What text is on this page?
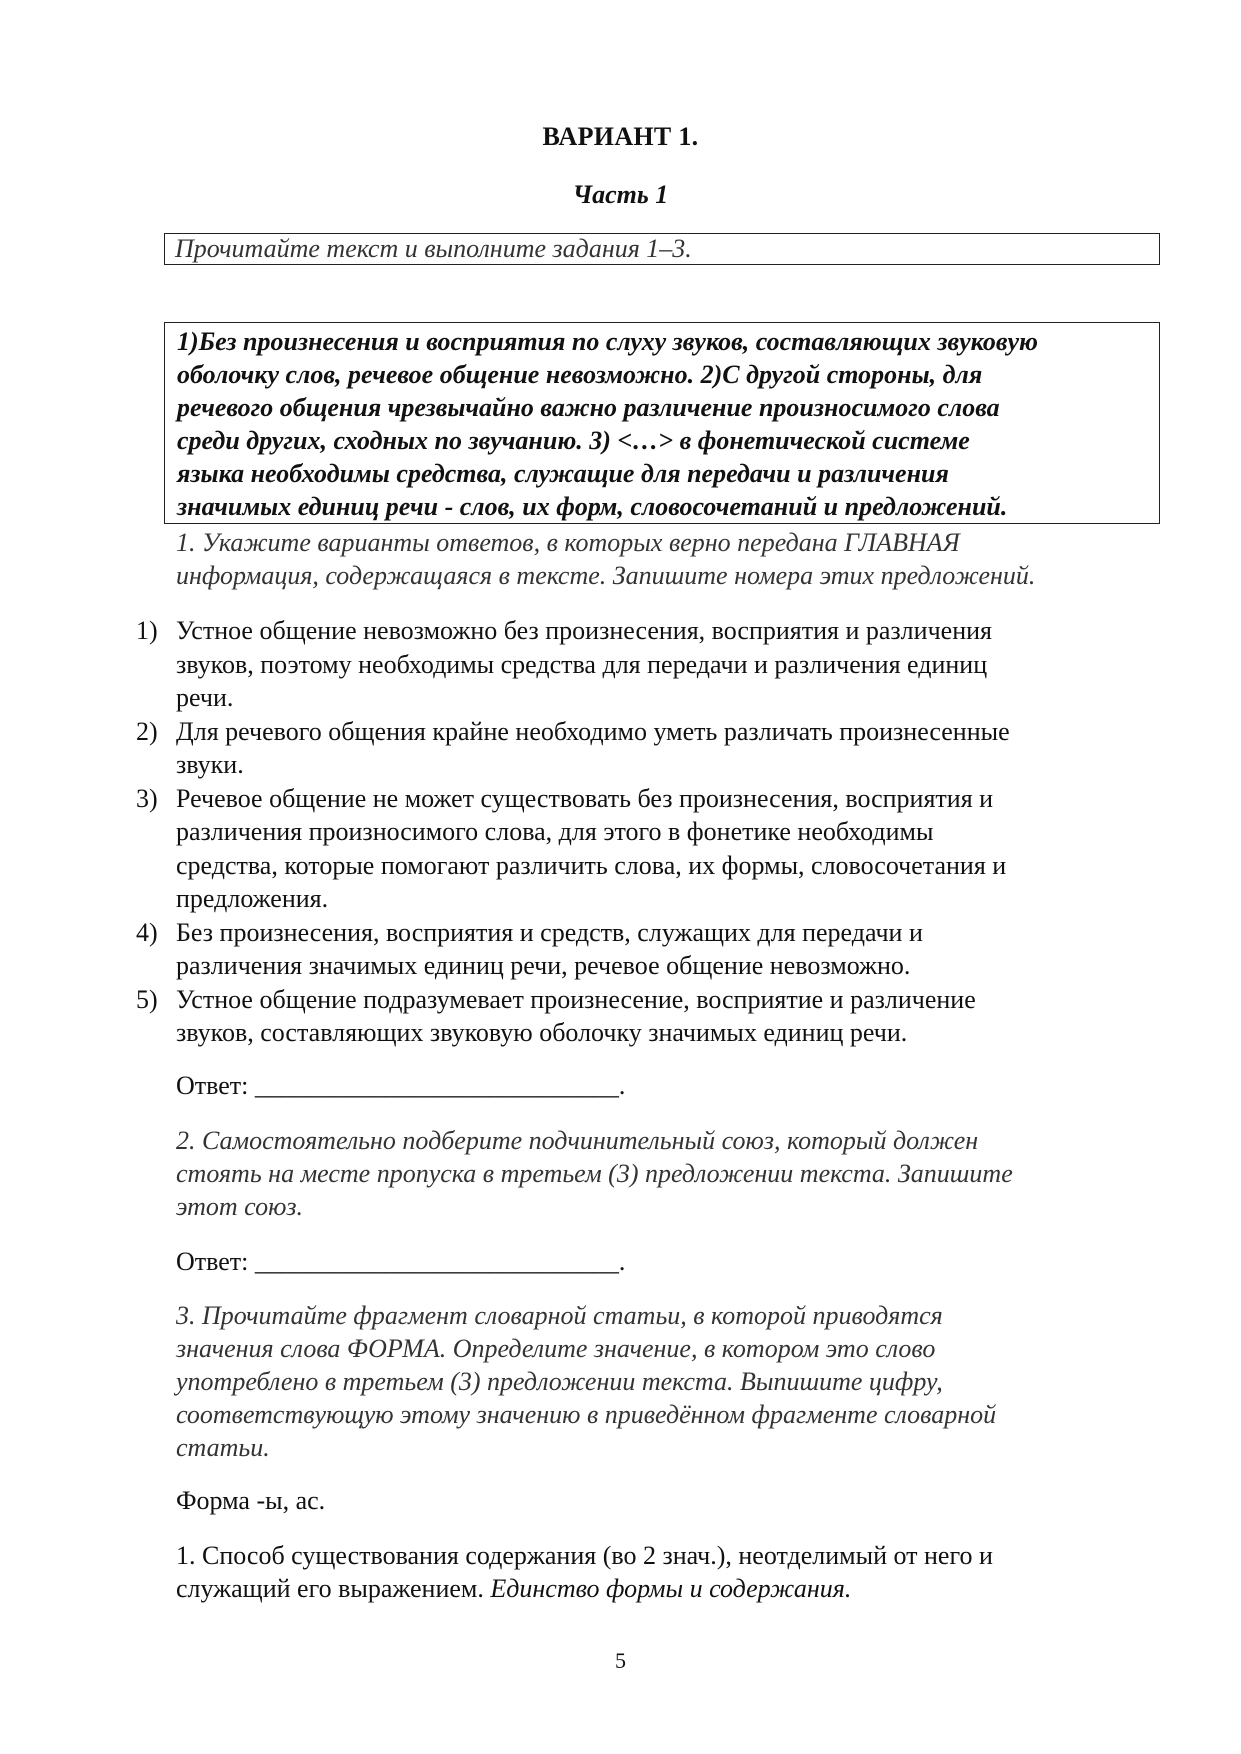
ВАРИАНТ 1.
Часть 1
Прочитайте текст и выполните задания 1–3.
1)Без произнесения и восприятия по слуху звуков, составляющих звуковую
оболочку слов, речевое общение невозможно. 2)С другой стороны, для
речевого общения чрезвычайно важно различение произносимого слова
среди других, сходных по звучанию. 3) <…> в фонетической системе
языка необходимы средства, служащие для передачи и различения
значимых единиц речи - слов, их форм, словосочетаний и предложений.
1. Укажите варианты ответов, в которых верно передана ГЛАВНАЯ
информация, содержащаяся в тексте. Запишите номера этих предложений.
1) Устное общение невозможно без произнесения, восприятия и различения
звуков, поэтому необходимы средства для передачи и различения единиц
речи.
2) Для речевого общения крайне необходимо уметь различать произнесенные
звуки.
3) Речевое общение не может существовать без произнесения, восприятия и
различения произносимого слова, для этого в фонетике необходимы
средства, которые помогают различить слова, их формы, словосочетания и
предложения.
4) Без произнесения, восприятия и средств, служащих для передачи и
различения значимых единиц речи, речевое общение невозможно.
5) Устное общение подразумевает произнесение, восприятие и различение
звуков, составляющих звуковую оболочку значимых единиц речи.
Ответ: ____________________________.
2. Самостоятельно подберите подчинительный союз, который должен
стоять на месте пропуска в третьем (3) предложении текста. Запишите
этот союз.
Ответ: ____________________________.
3. Прочитайте фрагмент словарной статьи, в которой приводятся
значения слова ФОРМА. Определите значение, в котором это слово
употреблено в третьем (3) предложении текста. Выпишите цифру,
соответствующую этому значению в приведённом фрагменте словарной
статьи.
Форма -ы, ас.
1. Способ существования содержания (во 2 знач.), неотделимый от него и
служащий его выражением. Единство формы и содержания.
5
